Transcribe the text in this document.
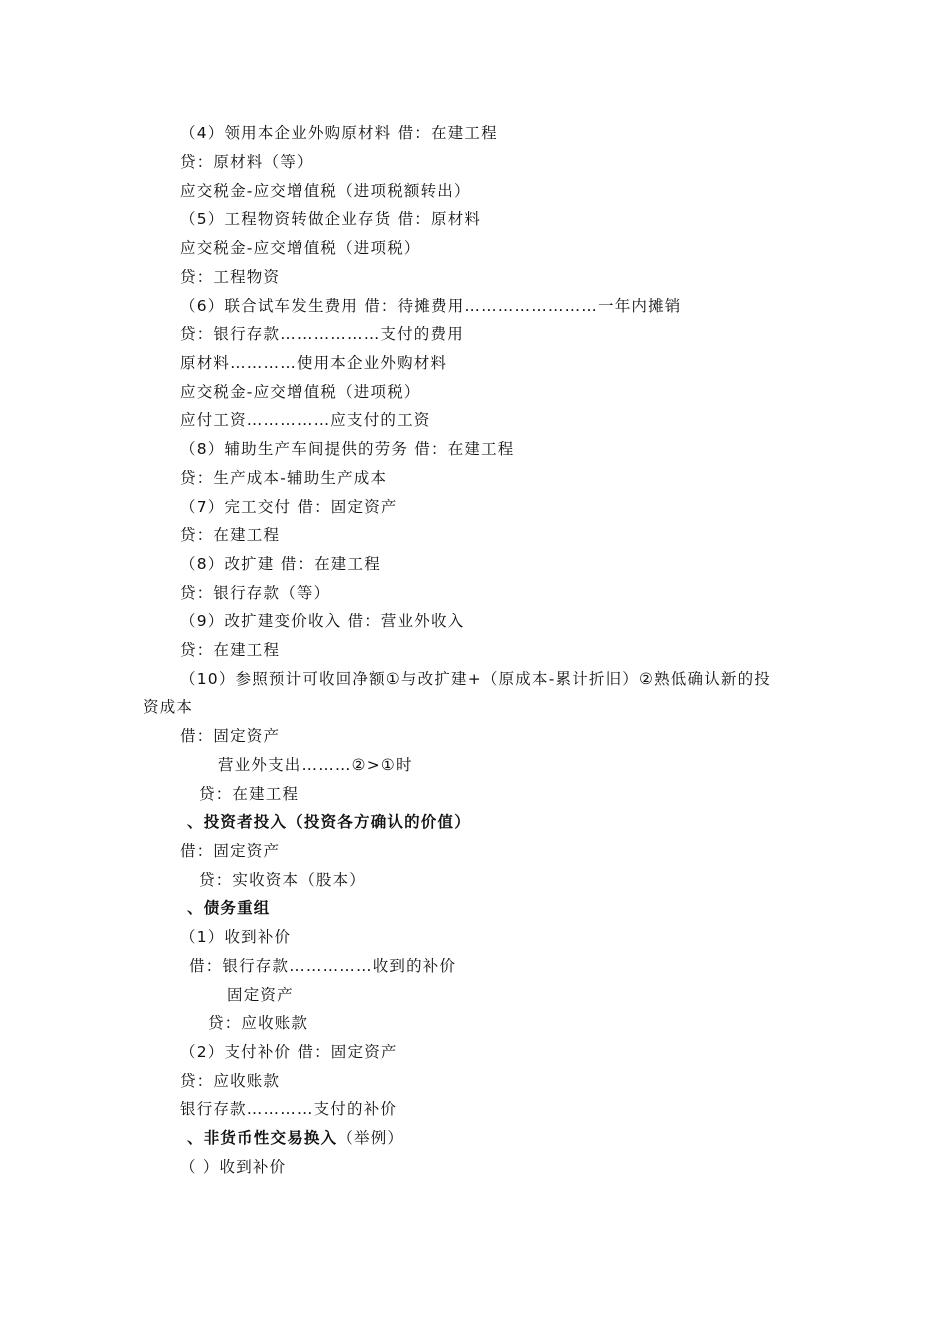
（4）领用本企业外购原材料 借：在建工程
贷：原材料（等）
应交税金-应交增值税（进项税额转出）
（5）工程物资转做企业存货 借：原材料
应交税金-应交增值税（进项税）
贷：工程物资
（6）联合试车发生费用 借：待摊费用……………………一年内摊销
贷：银行存款………………支付的费用
原材料…………使用本企业外购材料
应交税金-应交增值税（进项税）
应付工资……………应支付的工资
（8）辅助生产车间提供的劳务 借：在建工程
贷：生产成本-辅助生产成本
（7）完工交付 借：固定资产
贷：在建工程
（8）改扩建 借：在建工程
贷：银行存款（等）
（9）改扩建变价收入 借：营业外收入
贷：在建工程
（10）参照预计可收回净额①与改扩建+（原成本-累计折旧）②熟低确认新的投
资成本
借：固定资产
营业外支出………②>①时
贷：在建工程
、投资者投入（投资各方确认的价值）
借：固定资产
贷：实收资本（股本）
、债务重组
（1）收到补价
借：银行存款……………收到的补价
固定资产
贷：应收账款
（2）支付补价 借：固定资产
贷：应收账款
银行存款…………支付的补价
、非货币性交易换入（举例）
（ ）收到补价
